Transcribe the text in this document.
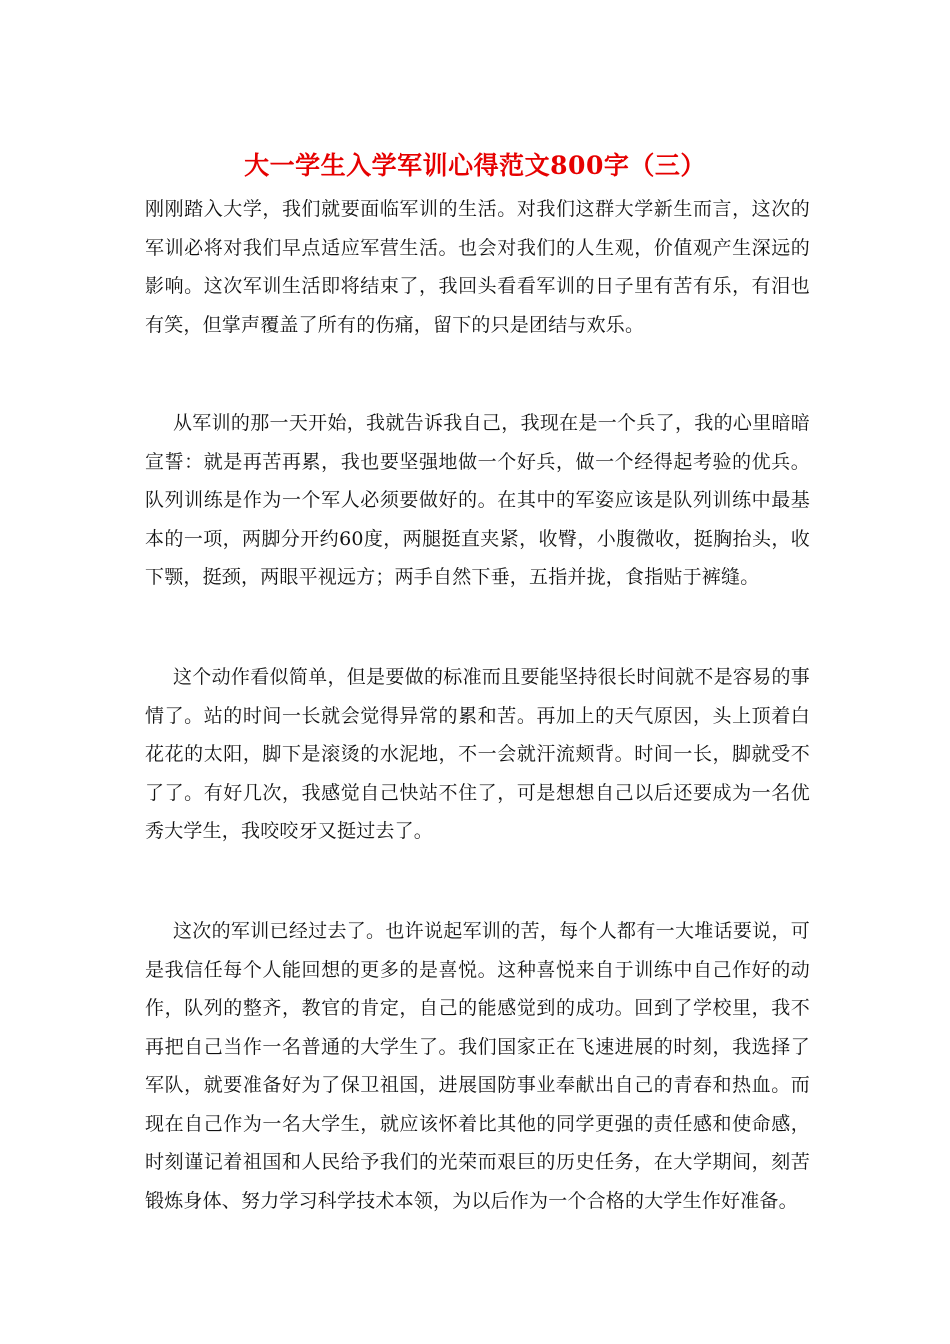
大一学生入学军训心得范文800字（三）

刚刚踏入大学，我们就要面临军训的生活。对我们这群大学新生而言，这次的军训必将对我们早点适应军营生活。也会对我们的人生观，价值观产生深远的影响。这次军训生活即将结束了，我回头看看军训的日子里有苦有乐，有泪也有笑，但掌声覆盖了所有的伤痛，留下的只是团结与欢乐。

从军训的那一天开始，我就告诉我自己，我现在是一个兵了，我的心里暗暗宣誓：就是再苦再累，我也要坚强地做一个好兵，做一个经得起考验的优兵。队列训练是作为一个军人必须要做好的。在其中的军姿应该是队列训练中最基本的一项，两脚分开约60度，两腿挺直夹紧，收臀，小腹微收，挺胸抬头，收下颚，挺颈，两眼平视远方；两手自然下垂，五指并拢，食指贴于裤缝。

这个动作看似简单，但是要做的标准而且要能坚持很长时间就不是容易的事情了。站的时间一长就会觉得异常的累和苦。再加上的天气原因，头上顶着白花花的太阳，脚下是滚烫的水泥地，不一会就汗流颊背。时间一长，脚就受不了了。有好几次，我感觉自己快站不住了，可是想想自己以后还要成为一名优秀大学生，我咬咬牙又挺过去了。

这次的军训已经过去了。也许说起军训的苦，每个人都有一大堆话要说，可是我信任每个人能回想的更多的是喜悦。这种喜悦来自于训练中自己作好的动作，队列的整齐，教官的肯定，自己的能感觉到的成功。回到了学校里，我不再把自己当作一名普通的大学生了。我们国家正在飞速进展的时刻，我选择了军队，就要准备好为了保卫祖国，进展国防事业奉献出自己的青春和热血。而现在自己作为一名大学生，就应该怀着比其他的同学更强的责任感和使命感，时刻谨记着祖国和人民给予我们的光荣而艰巨的历史任务，在大学期间，刻苦锻炼身体、努力学习科学技术本领，为以后作为一个合格的大学生作好准备。
